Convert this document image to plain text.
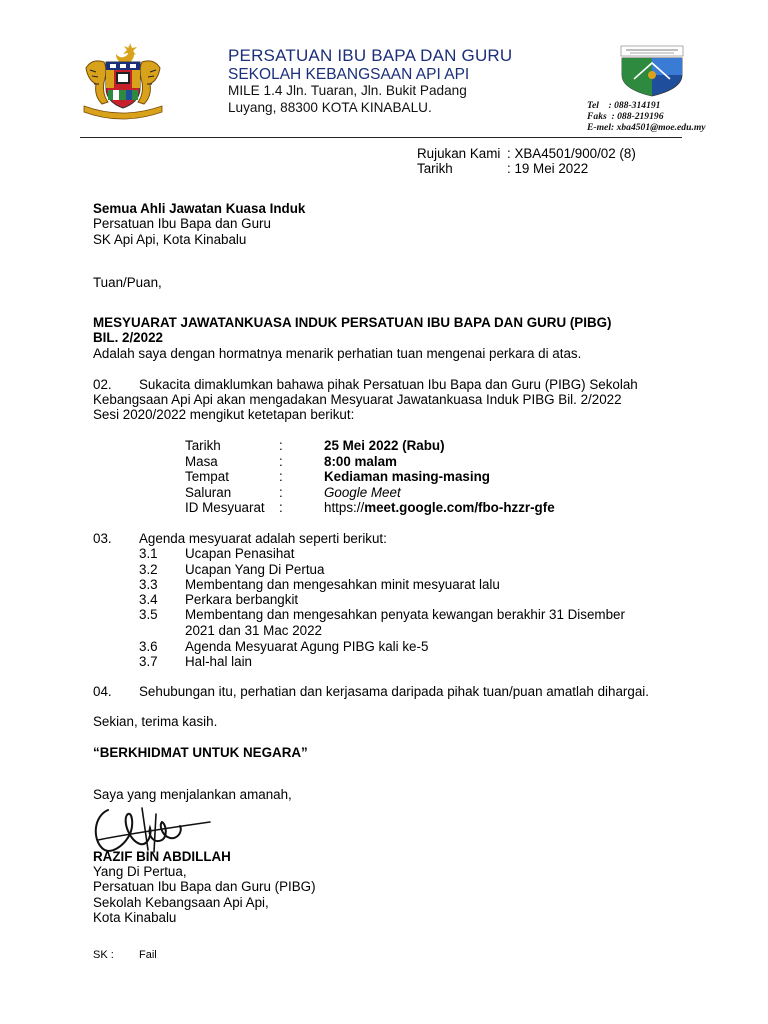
PERSATUAN IBU BAPA DAN GURU
SEKOLAH KEBANGSAAN API API
MILE 1.4 Jln. Tuaran, Jln. Bukit Padang
Luyang, 88300 KOTA KINABALU.	Tel : 088-314191
Faks : 088-219196
E-mel: xba4501@moe.edu.my
Rujukan Kami : XBA4501/900/02 (8)
Tarikh	: 19 Mei 2022
Semua Ahli Jawatan Kuasa Induk
Persatuan Ibu Bapa dan Guru
SK Api Api, Kota Kinabalu
Tuan/Puan,
MESYUARAT JAWATANKUASA INDUK PERSATUAN IBU BAPA DAN GURU (PIBG)
BIL. 2/2022
Adalah saya dengan hormatnya menarik perhatian tuan mengenai perkara di atas.
02. Sukacita dimaklumkan bahawa pihak Persatuan Ibu Bapa dan Guru (PIBG) Sekolah
Kebangsaan Api Api akan mengadakan Mesyuarat Jawatankuasa Induk PIBG Bil. 2/2022
Sesi 2020/2022 mengikut ketetapan berikut:
Tarikh	:	25 Mei 2022 (Rabu)
Masa	:	8:00 malam
Tempat	:	Kediaman masing-masing
Saluran	:	Google Meet
ID Mesyuarat :	https://meet.google.com/fbo-hzzr-gfe
03. Agenda mesyuarat adalah seperti berikut:
3.1 Ucapan Penasihat
3.2 Ucapan Yang Di Pertua
3.3 Membentang dan mengesahkan minit mesyuarat lalu
3.4 Perkara berbangkit
3.5 Membentang dan mengesahkan penyata kewangan berakhir 31 Disember
2021 dan 31 Mac 2022
3.6 Agenda Mesyuarat Agung PIBG kali ke-5
3.7 Hal-hal lain
04. Sehubungan itu, perhatian dan kerjasama daripada pihak tuan/puan amatlah dihargai.
Sekian, terima kasih.
“BERKHIDMAT UNTUK NEGARA”
Saya yang menjalankan amanah,
RAZIF BIN ABDILLAH
Yang Di Pertua,
Persatuan Ibu Bapa dan Guru (PIBG)
Sekolah Kebangsaan Api Api,
Kota Kinabalu
SK : Fail
